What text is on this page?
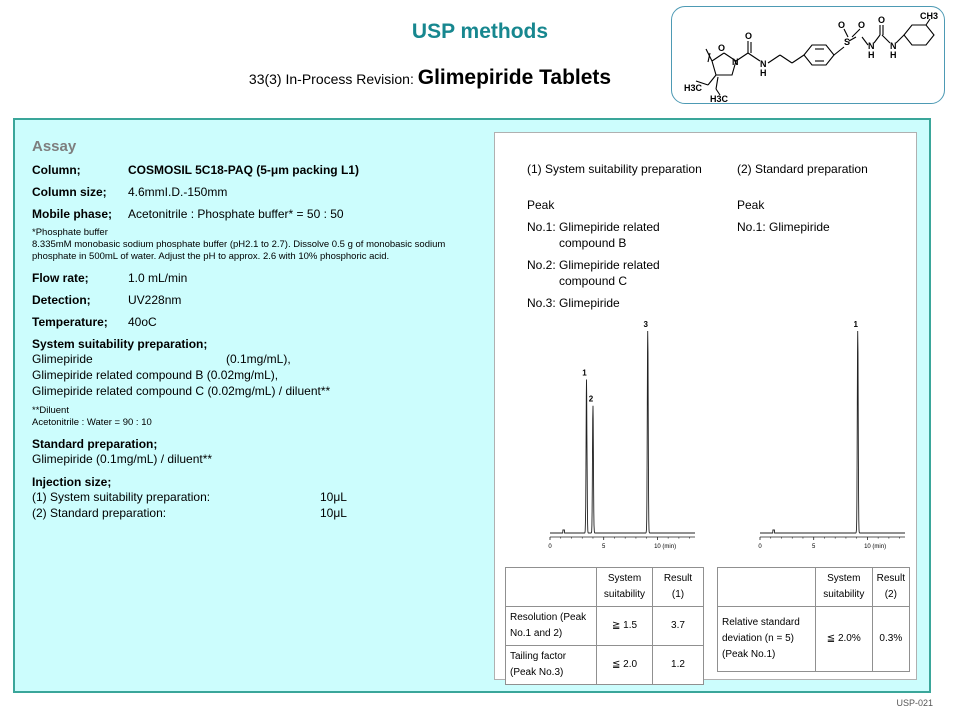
USP methods
33(3) In-Process Revision: Glimepiride Tablets
O
N
O
N
H
S
O O
N
H
O
N
H
CH3
H3C
H3C
Assay
Column;	COSMOSIL 5C18-PAQ (5-μm packing L1)
Column size;	4.6mmI.D.-150mm
Mobile phase;	Acetonitrile : Phosphate buffer* = 50 : 50
*Phosphate buffer
8.335mM monobasic sodium phosphate buffer (pH2.1 to 2.7). Dissolve 0.5 g of monobasic sodium phosphate in 500mL of water. Adjust the pH to approx. 2.6 with 10% phosphoric acid.
Flow rate;	1.0 mL/min
Detection;	UV228nm
Temperature;	40oC
System suitability preparation;
Glimepiride	(0.1mg/mL),
Glimepiride related compound B (0.02mg/mL),
Glimepiride related compound C (0.02mg/mL) / diluent**
**Diluent
Acetonitrile : Water = 90 : 10
Standard preparation;
Glimepiride (0.1mg/mL) / diluent**
Injection size;
(1) System suitability preparation:	10μL
(2) Standard preparation:	10μL
(1) System suitability preparation
Peak
No.1: Glimepiride related
compound B
No.2: Glimepiride related
compound C
No.3: Glimepiride
(2) Standard preparation
Peak
No.1: Glimepiride
0	5	10 (min)
1
2
3
0	5	10 (min)
1
	System suitability	Result (1)
Resolution (Peak No.1 and 2)	≧ 1.5	3.7
Tailing factor (Peak No.3)	≦ 2.0	1.2
	System suitability	Result (2)
Relative standard deviation (n = 5)(Peak No.1)	≦ 2.0%	0.3%
USP-021
